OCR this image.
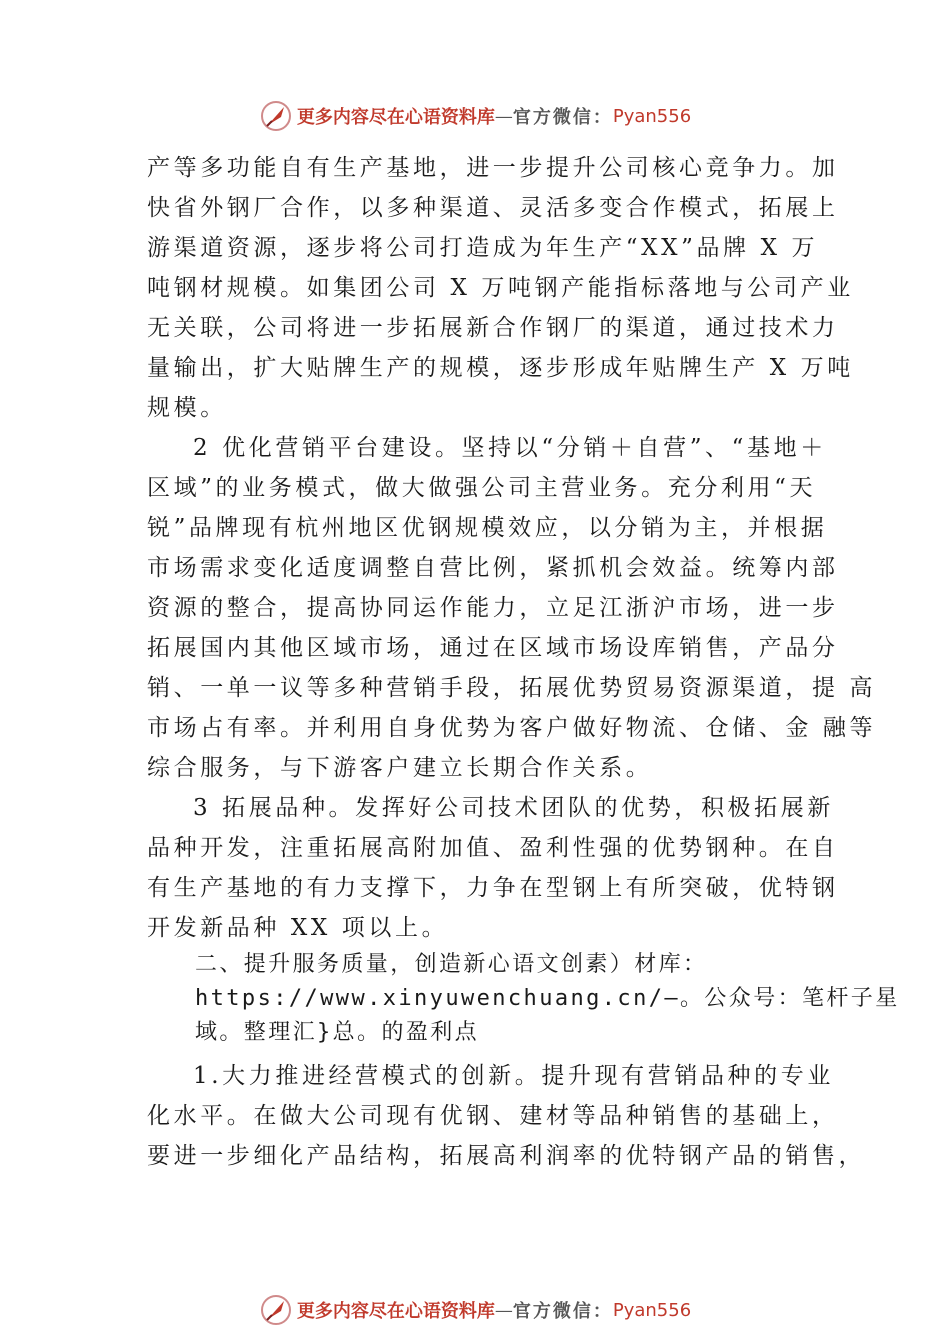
更多内容尽在心语资料库 — 官方微信： Pyan556

产等多功能自有生产基地，进一步提升公司核心竞争力。加
快省外钢厂合作，以多种渠道、灵活多变合作模式，拓展上
游渠道资源，逐步将公司打造成为年生产“XX”品牌 X 万
吨钢材规模。如集团公司 X 万吨钢产能指标落地与公司产业
无关联，公司将进一步拓展新合作钢厂的渠道，通过技术力
量输出，扩大贴牌生产的规模，逐步形成年贴牌生产 X 万吨
规模。

2 优化营销平台建设。坚持以“分销＋自营”、“基地＋
区域”的业务模式，做大做强公司主营业务。充分利用“天
锐”品牌现有杭州地区优钢规模效应，以分销为主，并根据
市场需求变化适度调整自营比例，紧抓机会效益。统筹内部
资源的整合，提高协同运作能力，立足江浙沪市场，进一步
拓展国内其他区域市场，通过在区域市场设库销售，产品分
销、一单一议等多种营销手段，拓展优势贸易资源渠道，提 高
市场占有率。并利用自身优势为客户做好物流、仓储、金 融等
综合服务，与下游客户建立长期合作关系。

3 拓展品种。发挥好公司技术团队的优势，积极拓展新
品种开发，注重拓展高附加值、盈利性强的优势钢种。在自
有生产基地的有力支撑下，力争在型钢上有所突破，优特钢
开发新品种 XX 项以上。

二、提升服务质量，创造新心语文创素）材库：
https://www.xinyuwenchuang.cn/—。公众号：笔杆子星
域。整理汇}总。的盈利点

1.大力推进经营模式的创新。提升现有营销品种的专业
化水平。在做大公司现有优钢、建材等品种销售的基础上，
要进一步细化产品结构，拓展高利润率的优特钢产品的销售，

更多内容尽在心语资料库 — 官方微信： Pyan556
